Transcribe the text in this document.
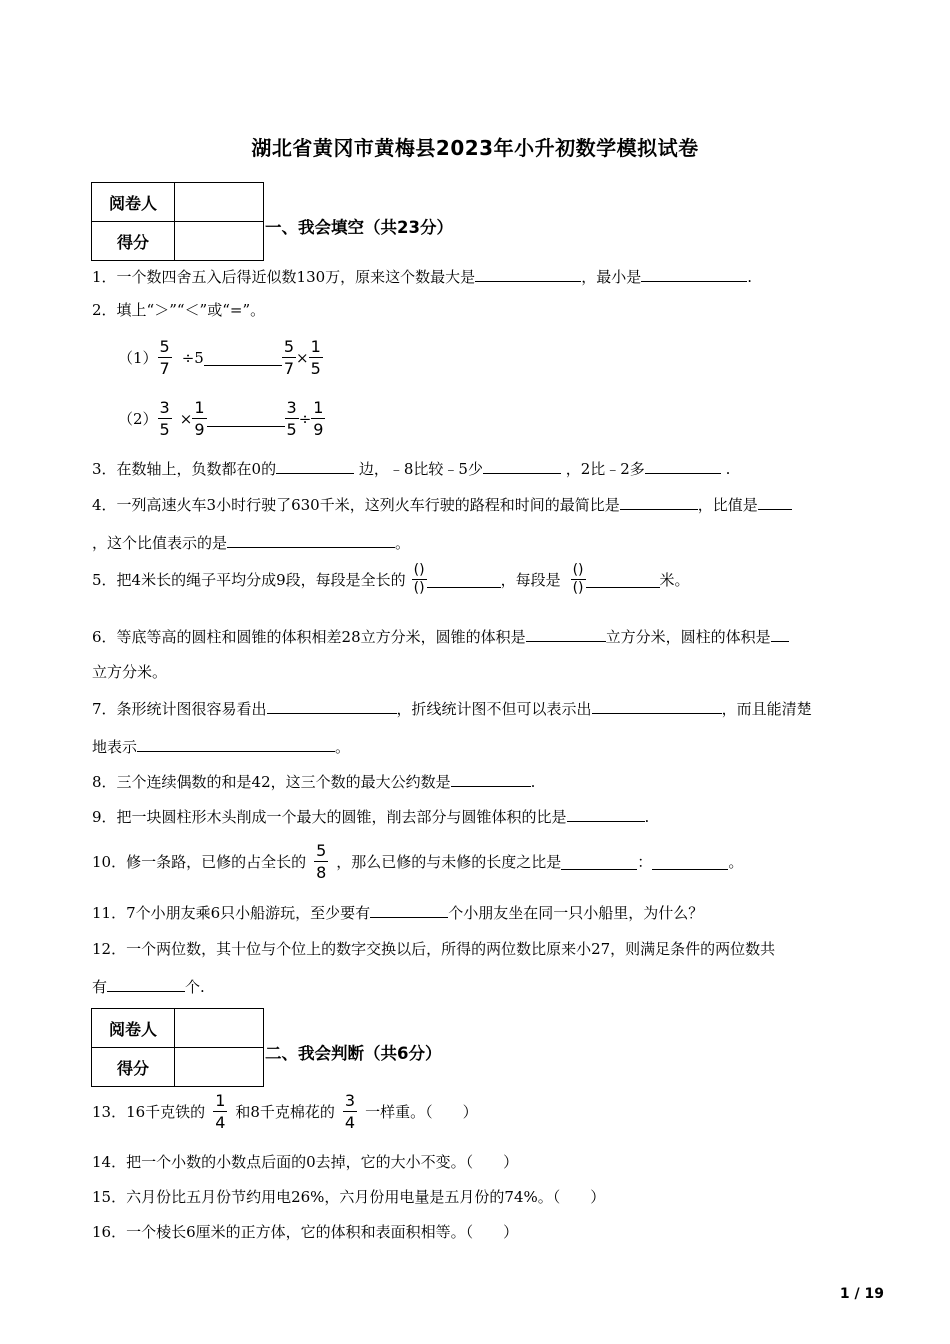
湖北省黄冈市黄梅县2023年小升初数学模拟试卷
阅卷人	
得分	
一、我会填空（共23分）
1．一个数四舍五入后得近似数130万，原来这个数最大是	，最小是	.
2．填上“＞”“＜”或“=”。
$(1) \frac{5}{7} \div 5$	$\frac{5}{7} \times \frac{1}{5}$
$(2) \frac{3}{5} \times \frac{1}{9}$	$\frac{3}{5} \div \frac{1}{9}$
3．在数轴上，负数都在0的	边，﹣8比较﹣5少	，2比﹣2多	.
4．一列高速火车3小时行驶了630千米，这列火车行驶的路程和时间的最简比是	，比值是
，这个比值表示的是	。
5．把4米长的绳子平均分成9段，每段是全长的 $\frac{()}{()}$	，每段是 $\frac{()}{()}$	米。
6．等底等高的圆柱和圆锥的体积相差28立方分米，圆锥的体积是	立方分米，圆柱的体积是
立方分米。
7．条形统计图很容易看出	，折线统计图不但可以表示出	，而且能清楚
地表示	。
8．三个连续偶数的和是42，这三个数的最大公约数是	.
9．把一块圆柱形木头削成一个最大的圆锥，削去部分与圆锥体积的比是	.
10．修一条路，已修的占全长的 $\frac{5}{8}$ ，那么已修的与未修的长度之比是	：	。
11．7个小朋友乘6只小船游玩，至少要有	个小朋友坐在同一只小船里，为什么？
12．一个两位数，其十位与个位上的数字交换以后，所得的两位数比原来小27，则满足条件的两位数共
有	个.
阅卷人	
得分	
二、我会判断（共6分）
13．16千克铁的 $\frac{1}{4}$ 和8千克棉花的 $\frac{3}{4}$ 一样重。（　　）
14．把一个小数的小数点后面的0去掉，它的大小不变。（　　）
15．六月份比五月份节约用电26%，六月份用电量是五月份的74%。（　　）
16．一个棱长6厘米的正方体，它的体积和表面积相等。（　　）
1 / 19
